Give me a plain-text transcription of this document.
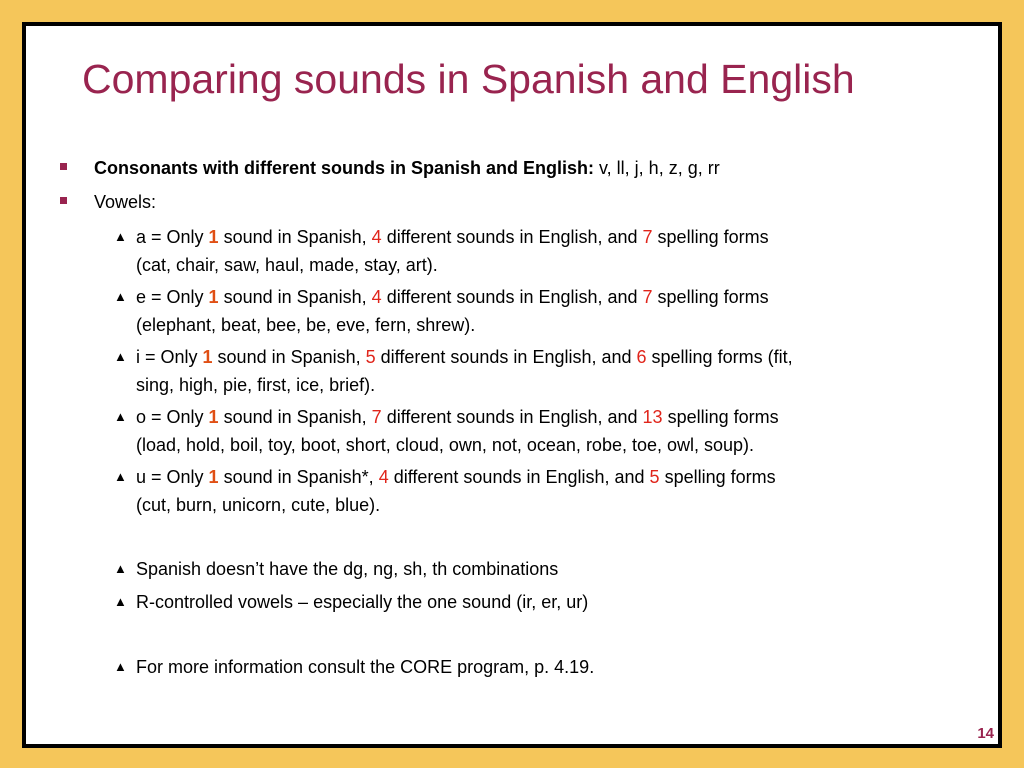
Comparing sounds in Spanish and English
Consonants with different sounds in Spanish and English: v, ll, j, h, z, g, rr
Vowels:
▲ a = Only 1 sound in Spanish, 4 different sounds in English, and 7 spelling forms
(cat, chair, saw, haul, made, stay, art).
▲ e = Only 1 sound in Spanish, 4 different sounds in English, and 7 spelling forms
(elephant, beat, bee, be, eve, fern, shrew).
▲ i = Only 1 sound in Spanish, 5 different sounds in English, and 6 spelling forms (fit,
sing, high, pie, first, ice, brief).
▲ o = Only 1 sound in Spanish, 7 different sounds in English, and 13 spelling forms
(load, hold, boil, toy, boot, short, cloud, own, not, ocean, robe, toe, owl, soup).
▲ u = Only 1 sound in Spanish*, 4 different sounds in English, and 5 spelling forms
(cut, burn, unicorn, cute, blue).
▲ Spanish doesn’t have the dg, ng, sh, th combinations
▲ R-controlled vowels – especially the one sound (ir, er, ur)
▲ For more information consult the CORE program, p. 4.19.
14
